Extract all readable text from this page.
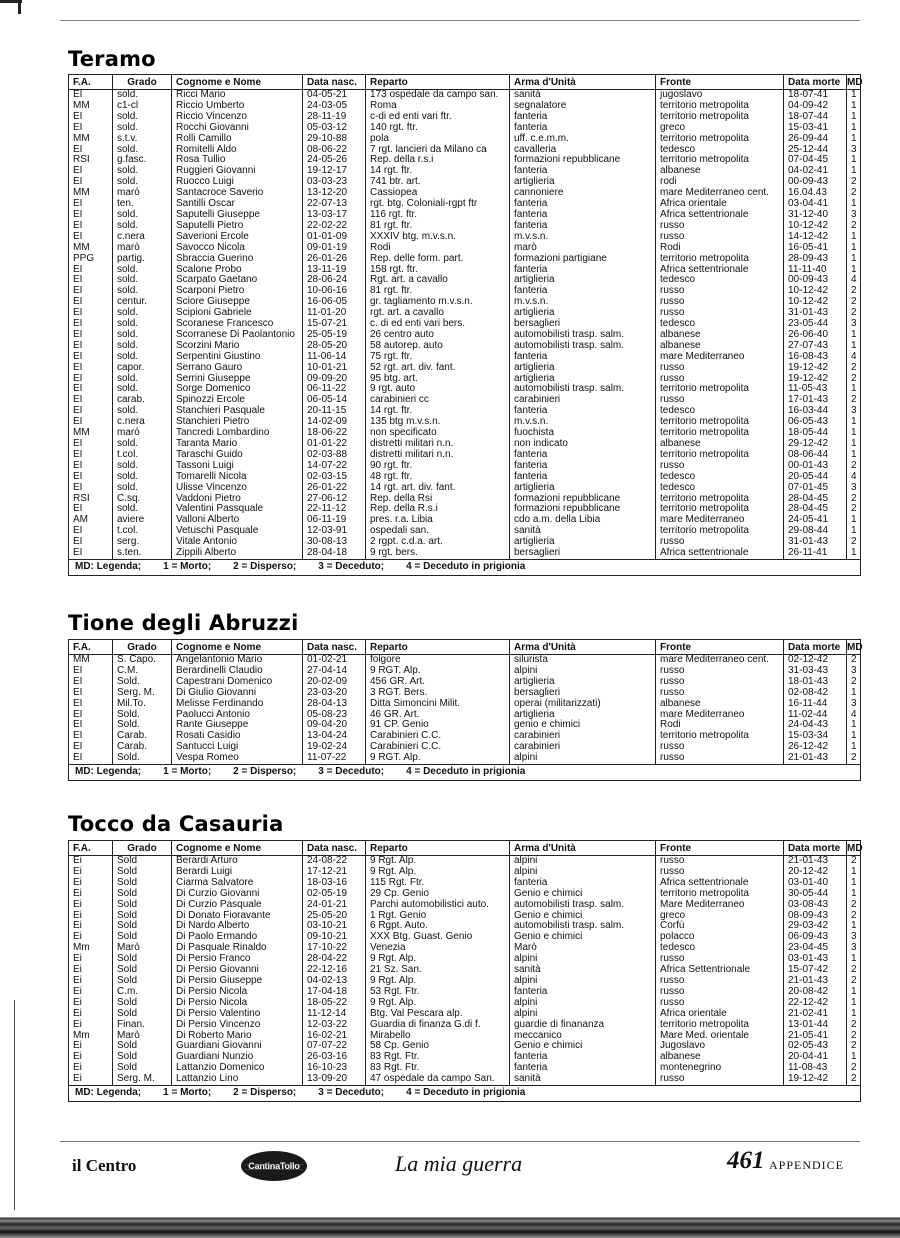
Teramo
F.A.	Grado	Cognome e Nome	Data nasc.	Reparto	Arma d'Unità	Fronte	Data morte	MD
EI	sold.	Ricci Mario	04-05-21	173 ospedale da campo san.	sanità	jugoslavo	18-07-41	1
MM	c1-cl	Riccio Umberto	24-03-05	Roma	segnalatore	territorio metropolita	04-09-42	1
EI	sold.	Riccio Vincenzo	28-11-19	c-di ed enti vari ftr.	fanteria	territorio metropolita	18-07-44	1
EI	sold.	Rocchi Giovanni	05-03-12	140 rgt. ftr.	fanteria	greco	15-03-41	1
MM	s.t.v.	Rolli Camillo	29-10-88	pola	uff. c.e.m.m.	territorio metropolita	26-09-44	1
EI	sold.	Romitelli Aldo	08-06-22	7 rgt. lancieri da Milano ca	cavalleria	tedesco	25-12-44	3
RSI	g.fasc.	Rosa Tullio	24-05-26	Rep. della r.s.i	formazioni repubblicane	territorio metropolita	07-04-45	1
EI	sold.	Ruggieri Giovanni	19-12-17	14 rgt. ftr.	fanteria	albanese	04-02-41	1
EI	sold.	Ruocco Luigi	03-03-23	741 btr. art.	artiglieria	rodi	00-09-43	2
MM	marò	Santacroce Saverio	13-12-20	Cassiopea	cannoniere	mare Mediterraneo cent.	16.04.43	2
EI	ten.	Santilli Oscar	22-07-13	rgt. btg. Coloniali-rgpt ftr	fanteria	Africa orientale	03-04-41	1
EI	sold.	Saputelli Giuseppe	13-03-17	116 rgt. ftr.	fanteria	Africa settentrionale	31-12-40	3
EI	sold.	Saputelli Pietro	22-02-22	81 rgt. ftr.	fanteria	russo	10-12-42	2
EI	c.nera	Saverioni Ercole	01-01-09	XXXIV btg. m.v.s.n.	m.v.s.n.	russo	14-12-42	1
MM	marò	Savocco Nicola	09-01-19	Rodi	marò	Rodi	16-05-41	1
PPG	partig.	Sbraccia Guerino	26-01-26	Rep. delle form. part.	formazioni partigiane	territorio metropolita	28-09-43	1
EI	sold.	Scalone Probo	13-11-19	158 rgt. ftr.	fanteria	Africa settentrionale	11-11-40	1
EI	sold.	Scarpato Gaetano	28-06-24	Rgt. art. a cavallo	artiglieria	tedesco	00-09-43	4
EI	sold.	Scarponi Pietro	10-06-16	81 rgt. ftr.	fanteria	russo	10-12-42	2
EI	centur.	Sciore Giuseppe	16-06-05	gr. tagliamento m.v.s.n.	m.v.s.n.	russo	10-12-42	2
EI	sold.	Scipioni Gabriele	11-01-20	rgt. art. a cavallo	artiglieria	russo	31-01-43	2
EI	sold.	Scoranese Francesco	15-07-21	c. di ed enti vari bers.	bersaglieri	tedesco	23-05-44	3
EI	sold.	Scorranese Di Paolantonio	25-05-19	26 centro auto	automobilisti trasp. salm.	albanese	26-06-40	1
EI	sold.	Scorzini Mario	28-05-20	58 autorep. auto	automobilisti trasp. salm.	albanese	27-07-43	1
EI	sold.	Serpentini Giustino	11-06-14	75 rgt. ftr.	fanteria	mare Mediterraneo	16-08-43	4
EI	capor.	Serrano Gauro	10-01-21	52 rgt. art. div. fant.	artiglieria	russo	19-12-42	2
EI	sold.	Serrini Giuseppe	09-09-20	95 btg. art.	artiglieria	russo	19-12-42	2
EI	sold.	Sorge Domenico	06-11-22	9 rgt. auto	automobilisti trasp. salm.	territorio metropolita	11-05-43	1
EI	carab.	Spinozzi Ercole	06-05-14	carabinieri cc	carabinieri	russo	17-01-43	2
EI	sold.	Stanchieri Pasquale	20-11-15	14 rgt. ftr.	fanteria	tedesco	16-03-44	3
EI	c.nera	Stanchieri Pietro	14-02-09	135 btg m.v.s.n.	m.v.s.n.	territorio metropolita	06-05-43	1
MM	marò	Tancredi Lombardino	18-06-22	non specificato	fuochista	territorio metropolita	18-05-44	1
EI	sold.	Taranta Mario	01-01-22	distretti militari n.n.	non indicato	albanese	29-12-42	1
EI	t.col.	Taraschi Guido	02-03-88	distretti militari n.n.	fanteria	territorio metropolita	08-06-44	1
EI	sold.	Tassoni Luigi	14-07-22	90 rgt. ftr.	fanteria	russo	00-01-43	2
EI	sold.	Tomarelli Nicola	02-03-15	48 rgt. ftr.	fanteria	tedesco	20-05-44	4
EI	sold.	Ulisse Vincenzo	26-01-22	14 rgt. art. div. fant.	artiglieria	tedesco	07-01-45	3
RSI	C.sq.	Vaddoni Pietro	27-06-12	Rep. della Rsi	formazioni repubblicane	territorio metropolita	28-04-45	2
EI	sold.	Valentini Passquale	22-11-12	Rep. della R.s.i	formazioni repubblicane	territorio metropolita	28-04-45	2
AM	aviere	Valloni Alberto	06-11-19	pres. r.a. Libia	cdo a.m. della Libia	mare Mediterraneo	24-05-41	1
EI	t.col.	Vetuschi Pasquale	12-03-91	ospedali san.	sanità	territorio metropolita	29-08-44	1
EI	serg.	Vitale Antonio	30-08-13	2 rgpt. c.d.a. art.	artiglieria	russo	31-01-43	2
EI	s.ten.	Zippili Alberto	28-04-18	9 rgt. bers.	bersaglieri	Africa settentrionale	26-11-41	1
MD: Legenda; 1 = Morto; 2 = Disperso; 3 = Deceduto; 4 = Deceduto in prigionia								
Tione degli Abruzzi
F.A.	Grado	Cognome e Nome	Data nasc.	Reparto	Arma d'Unità	Fronte	Data morte	MD
MM	S. Capo.	Angelantonio Mario	01-02-21	folgore	silurista	mare Mediterraneo cent.	02-12-42	2
EI	C.M.	Berardinelli Claudio	27-04-14	9 RGT. Alp.	alpini	russo	31-03-43	3
EI	Sold.	Capestrani Domenico	20-02-09	456 GR. Art.	artiglieria	russo	18-01-43	2
EI	Serg. M.	Di Giulio Giovanni	23-03-20	3 RGT. Bers.	bersaglieri	russo	02-08-42	1
EI	Mil.To.	Melisse Ferdinando	28-04-13	Ditta Simoncini Milit.	operai (militarizzati)	albanese	16-11-44	3
EI	Sold.	Paolucci Antonio	05-08-23	46 GR. Art.	artiglieria	mare Mediterraneo	11-02-44	4
EI	Sold.	Rante Giuseppe	09-04-20	91 CP. Genio	genio e chimici	Rodi	24-04-43	1
EI	Carab.	Rosati Casidio	13-04-24	Carabinieri C.C.	carabinieri	territorio metropolita	15-03-34	1
EI	Carab.	Santucci Luigi	19-02-24	Carabinieri C.C.	carabinieri	russo	26-12-42	1
EI	Sold.	Vespa Romeo	11-07-22	9 RGT. Alp.	alpini	russo	21-01-43	2
MD: Legenda; 1 = Morto; 2 = Disperso; 3 = Deceduto; 4 = Deceduto in prigionia								
Tocco da Casauria
F.A.	Grado	Cognome e Nome	Data nasc.	Reparto	Arma d'Unità	Fronte	Data morte	MD
Ei	Sold	Berardi Arturo	24-08-22	9 Rgt. Alp.	alpini	russo	21-01-43	2
Ei	Sold	Berardi Luigi	17-12-21	9 Rgt. Alp.	alpini	russo	20-12-42	1
Ei	Sold	Ciarma Salvatore	18-03-16	115 Rgt. Ftr.	fanteria	Africa settentrionale	03-01-40	1
Ei	Sold	Di Curzio Giovanni	02-05-19	29 Cp. Genio	Genio e chimici	territorio metropolita	30-05-44	1
Ei	Sold	Di Curzio Pasquale	24-01-21	Parchi automobilistici auto.	automobilisti trasp. salm.	Mare Mediterraneo	03-08-43	2
Ei	Sold	Di Donato Fioravante	25-05-20	1 Rgt. Genio	Genio e chimici	greco	08-09-43	2
Ei	Sold	Di Nardo Alberto	03-10-21	6 Rgpt. Auto.	automobilisti trasp. salm.	Corfù	29-03-42	1
Ei	Sold	Di Paolo Ermando	09-10-21	XXX Btg. Guast. Genio	Genio e chimici	polacco	06-09-43	3
Mm	Marò	Di Pasquale Rinaldo	17-10-22	Venezia	Marò	tedesco	23-04-45	3
Ei	Sold	Di Persio Franco	28-04-22	9 Rgt. Alp.	alpini	russo	03-01-43	1
Ei	Sold	Di Persio Giovanni	22-12-16	21 Sz. San.	sanità	Africa Settentrionale	15-07-42	2
Ei	Sold	Di Persio Giuseppe	04-02-13	9 Rgt. Alp.	alpini	russo	21-01-43	2
Ei	C.m.	Di Persio Nicola	17-04-18	53 Rgt. Ftr.	fanteria	russo	20-08-42	1
Ei	Sold	Di Persio Nicola	18-05-22	9 Rgt. Alp.	alpini	russo	22-12-42	1
Ei	Sold	Di Persio Valentino	11-12-14	Btg. Val Pescara alp.	alpini	Africa orientale	21-02-41	1
Ei	Finan.	Di Persio Vincenzo	12-03-22	Guardia di finanza G.di f.	guardie di finananza	territorio metropolita	13-01-44	2
Mm	Marò	Di Roberto Mario	16-02-21	Mirabello	meccanico	Mare Med. orientale	21-05-41	2
Ei	Sold	Guardiani Giovanni	07-07-22	58 Cp. Genio	Genio e chimici	Jugoslavo	02-05-43	2
Ei	Sold	Guardiani Nunzio	26-03-16	83 Rgt. Ftr.	fanteria	albanese	20-04-41	1
Ei	Sold	Lattanzio Domenico	16-10-23	83 Rgt. Ftr.	fanteria	montenegrino	11-08-43	2
Ei	Serg. M.	Lattanzio Lino	13-09-20	47 ospedale da campo San.	sanità	russo	19-12-42	2
MD: Legenda; 1 = Morto; 2 = Disperso; 3 = Deceduto; 4 = Deceduto in prigionia								
il Centro	CantinaTollo	La mia guerra	461 APPENDICE
